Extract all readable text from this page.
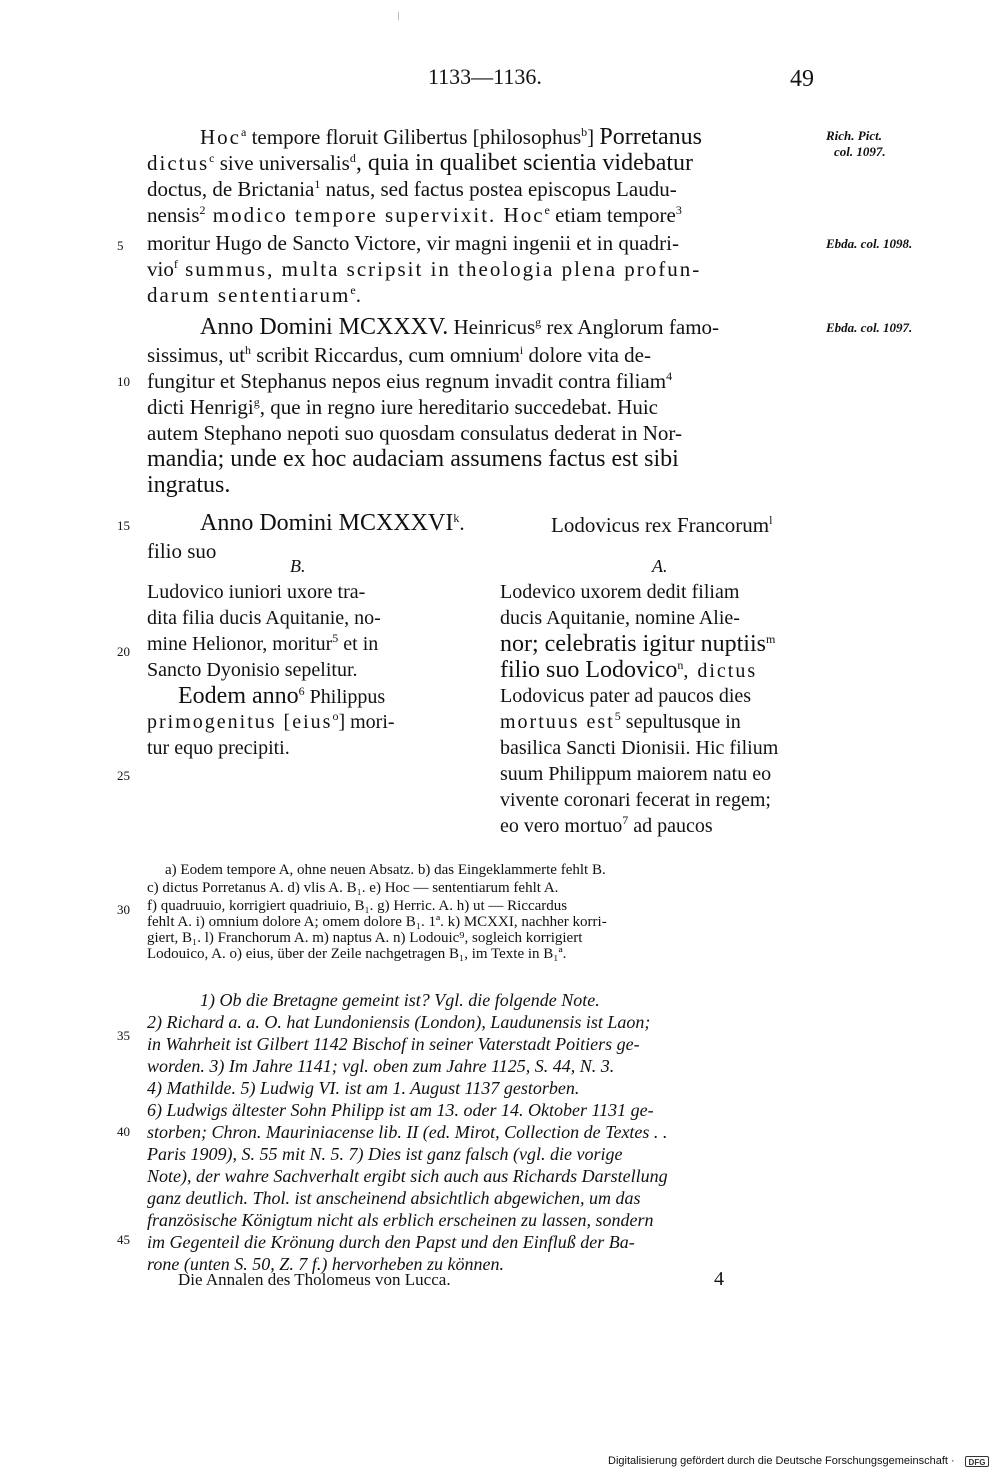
1133—1136.	49
Rich. Pict.
col. 1097.
Ebda. col. 1098.
Ebda. col. 1097.
5
10
15
20
25
30
35
40
45
Hoc$^a$ tempore floruit Gilibertus [philosophus$^b$] Porretanus
dictus$^c$ sive universalis$^d$, quia in qualibet scientia videbatur
doctus, de Brictania$^1$ natus, sed factus postea episcopus Laudu-
nensis$^2$ modico tempore supervixit. Hoc$^e$ etiam tempore$^3$
moritur Hugo de Sancto Victore, vir magni ingenii et in quadri-
vio$^f$ summus, multa scripsit in theologia plena profun-
darum sententiarum$^e$.
Anno Domini MCXXXV. Heinricus$^g$ rex Anglorum famo-
sissimus, $ut^h$ scribit Riccardus, cum omnium$^i$ dolore vita de-
fungitur et Stephanus nepos eius regnum invadit contra filiam$^4$
dicti Henrigi$^g$, que in regno iure hereditario succedebat. Huic
autem Stephano nepoti suo quosdam consulatus dederat in Nor-
mandia; unde ex hoc audaciam assumens factus est sibi
ingratus.
Anno Domini MCXXXVI$^k$.	Lodovicus rex Francorum$^l$
filio suo
B.	A.
Ludovico iuniori uxore tra-
dita filia ducis Aquitanie, no-
mine Helionor, moritur$^5$ et in
Sancto Dyonisio sepelitur.
Eodem anno$^6$ Philippus
primogenitus [eius$^o$] mori-
tur equo precipiti.
Lodevico uxorem dedit filiam
ducis Aquitanie, nomine Alie-
nor; celebratis igitur nuptiis$^m$
filio suo Lodovico$^n$, dictus
Lodovicus pater ad paucos dies
mortuus est$^5$ sepultusque in
basilica Sancti Dionisii. Hic filium
suum Philippum maiorem natu eo
vivente coronari fecerat in regem;
eo vero mortuo$^7$ ad paucos
a) Eodem tempore A, ohne neuen Absatz. b) das Eingeklammerte fehlt B.
c) dictus Porretanus A. d) vlis A. B₁. e) Hoc — sententiarum fehlt A.
f) quadruuio, korrigiert quadriuio, B₁. g) Herric. A. h) ut — Riccardus
fehlt A. i) omnium dolore A; omem dolore B₁. 1ª. k) MCXXI, nachher korri-
giert, B₁. l) Franchorum A. m) naptus A. n) Lodouic⁹, sogleich korrigiert
Lodouico, A. o) eius, über der Zeile nachgetragen B₁, im Texte in B₁ª.
1) Ob die Bretagne gemeint ist? Vgl. die folgende Note.
2) Richard a. a. O. hat Lundoniensis (London), Laudunensis ist Laon;
in Wahrheit ist Gilbert 1142 Bischof in seiner Vaterstadt Poitiers ge-
worden. 3) Im Jahre 1141; vgl. oben zum Jahre 1125, S. 44, N. 3.
4) Mathilde. 5) Ludwig VI. ist am 1. August 1137 gestorben.
6) Ludwigs ältester Sohn Philipp ist am 13. oder 14. Oktober 1131 ge-
storben; Chron. Mauriniacense lib. II (ed. Mirot, Collection de Textes . .
Paris 1909), S. 55 mit N. 5. 7) Dies ist ganz falsch (vgl. die vorige
Note), der wahre Sachverhalt ergibt sich auch aus Richards Darstellung
ganz deutlich. Thol. ist anscheinend absichtlich abgewichen, um das
französische Königtum nicht als erblich erscheinen zu lassen, sondern
im Gegenteil die Krönung durch den Papst und den Einfluß der Ba-
rone (unten S. 50, Z. 7 f.) hervorheben zu können.
Die Annalen des Tholomeus von Lucca.	4
Digitalisierung gefördert durch die Deutsche Forschungsgemeinschaft ·	DFG
